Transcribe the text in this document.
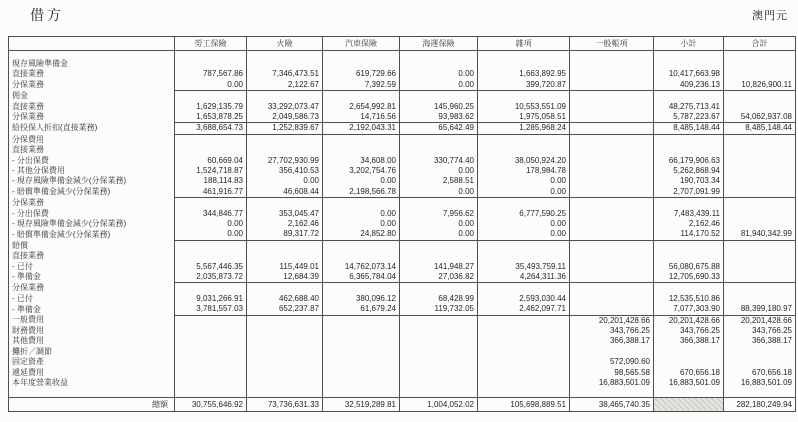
借方	澳門元
	勞工保險	火險	汽車保險	海運保險	雜項	一般帳項	小計	合計

現存風險準備金								
直接業務	787,567.86	7,346,473.51	619,729.66	0.00	1,663,892.95		10,417,663.98	
分保業務	0.00	2,122.67	7,392.59	0.00	399,720.87		409,236.13	10,826,900.11
佣金								
直接業務	1,629,135.79	33,292,073.47	2,654,992.81	145,960.25	10,553,551.09		48,275,713.41	
分保業務	1,653,878.25	2,049,586.73	14,716.56	93,983.62	1,975,058.51		5,787,223.67	54,062,937.08
給投保人折扣(直接業務)	3,688,654.73	1,252,839.67	2,192,043.31	65,642.49	1,285,968.24		8,485,148.44	8,485,148.44
分保費用								
直接業務								
- 分出保費	60,669.04	27,702,930.99	34,608.00	330,774.40	38,050,924.20		66,179,906.63	
- 其他分保費用	1,524,718.87	356,410.53	3,202,754.76	0.00	178,984.78		5,262,868.94	
- 現存風險準備金減少(分保業務)	188,114.83	0.00	0.00	2,588.51	0.00		190,703.34	
- 賠償準備金減少(分保業務)	461,916.77	46,608.44	2,198,566.78	0.00	0.00		2,707,091.99	
分保業務								
- 分出保費	344,846.77	353,045.47	0.00	7,956.62	6,777,590.25		7,483,439.11	
- 現存風險準備金減少(分保業務)	0.00	2,162.46	0.00	0.00	0.00		2,162.46	
- 賠償準備金減少(分保業務)	0.00	89,317.72	24,852.80	0.00	0.00		114,170.52	81,940,342.99
賠償								
直接業務								
- 已付	5,567,446.35	115,449.01	14,762,073.14	141,948.27	35,493,759.11		56,080,675.88	
- 準備金	2,035,873.72	12,684.39	6,365,784.04	27,036.82	4,264,311.36		12,705,690.33	
分保業務								
- 已付	9,031,266.91	462,688.40	380,096.12	68,428.99	2,593,030.44		12,535,510.86	
- 準備金	3,781,557.03	652,237.87	61,679.24	119,732.05	2,462,097.71		7,077,303.90	88,399,180.97
一般費用						20,201,428.66	20,201,428.66	20,201,428.66
財務費用						343,766.25	343,766.25	343,766.25
其他費用						366,388.17	366,388.17	366,388.17
攤折／調節								
固定資產						572,090.60		
遞延費用						98,565.58	670,656.18	670,656.18
本年度營業收益						16,883,501.09	16,883,501.09	16,883,501.09

總額	30,755,646.92	73,736,631.33	32,519,289.81	1,004,052.02	105,698,889.51	38,465,740.35		282,180,249.94
